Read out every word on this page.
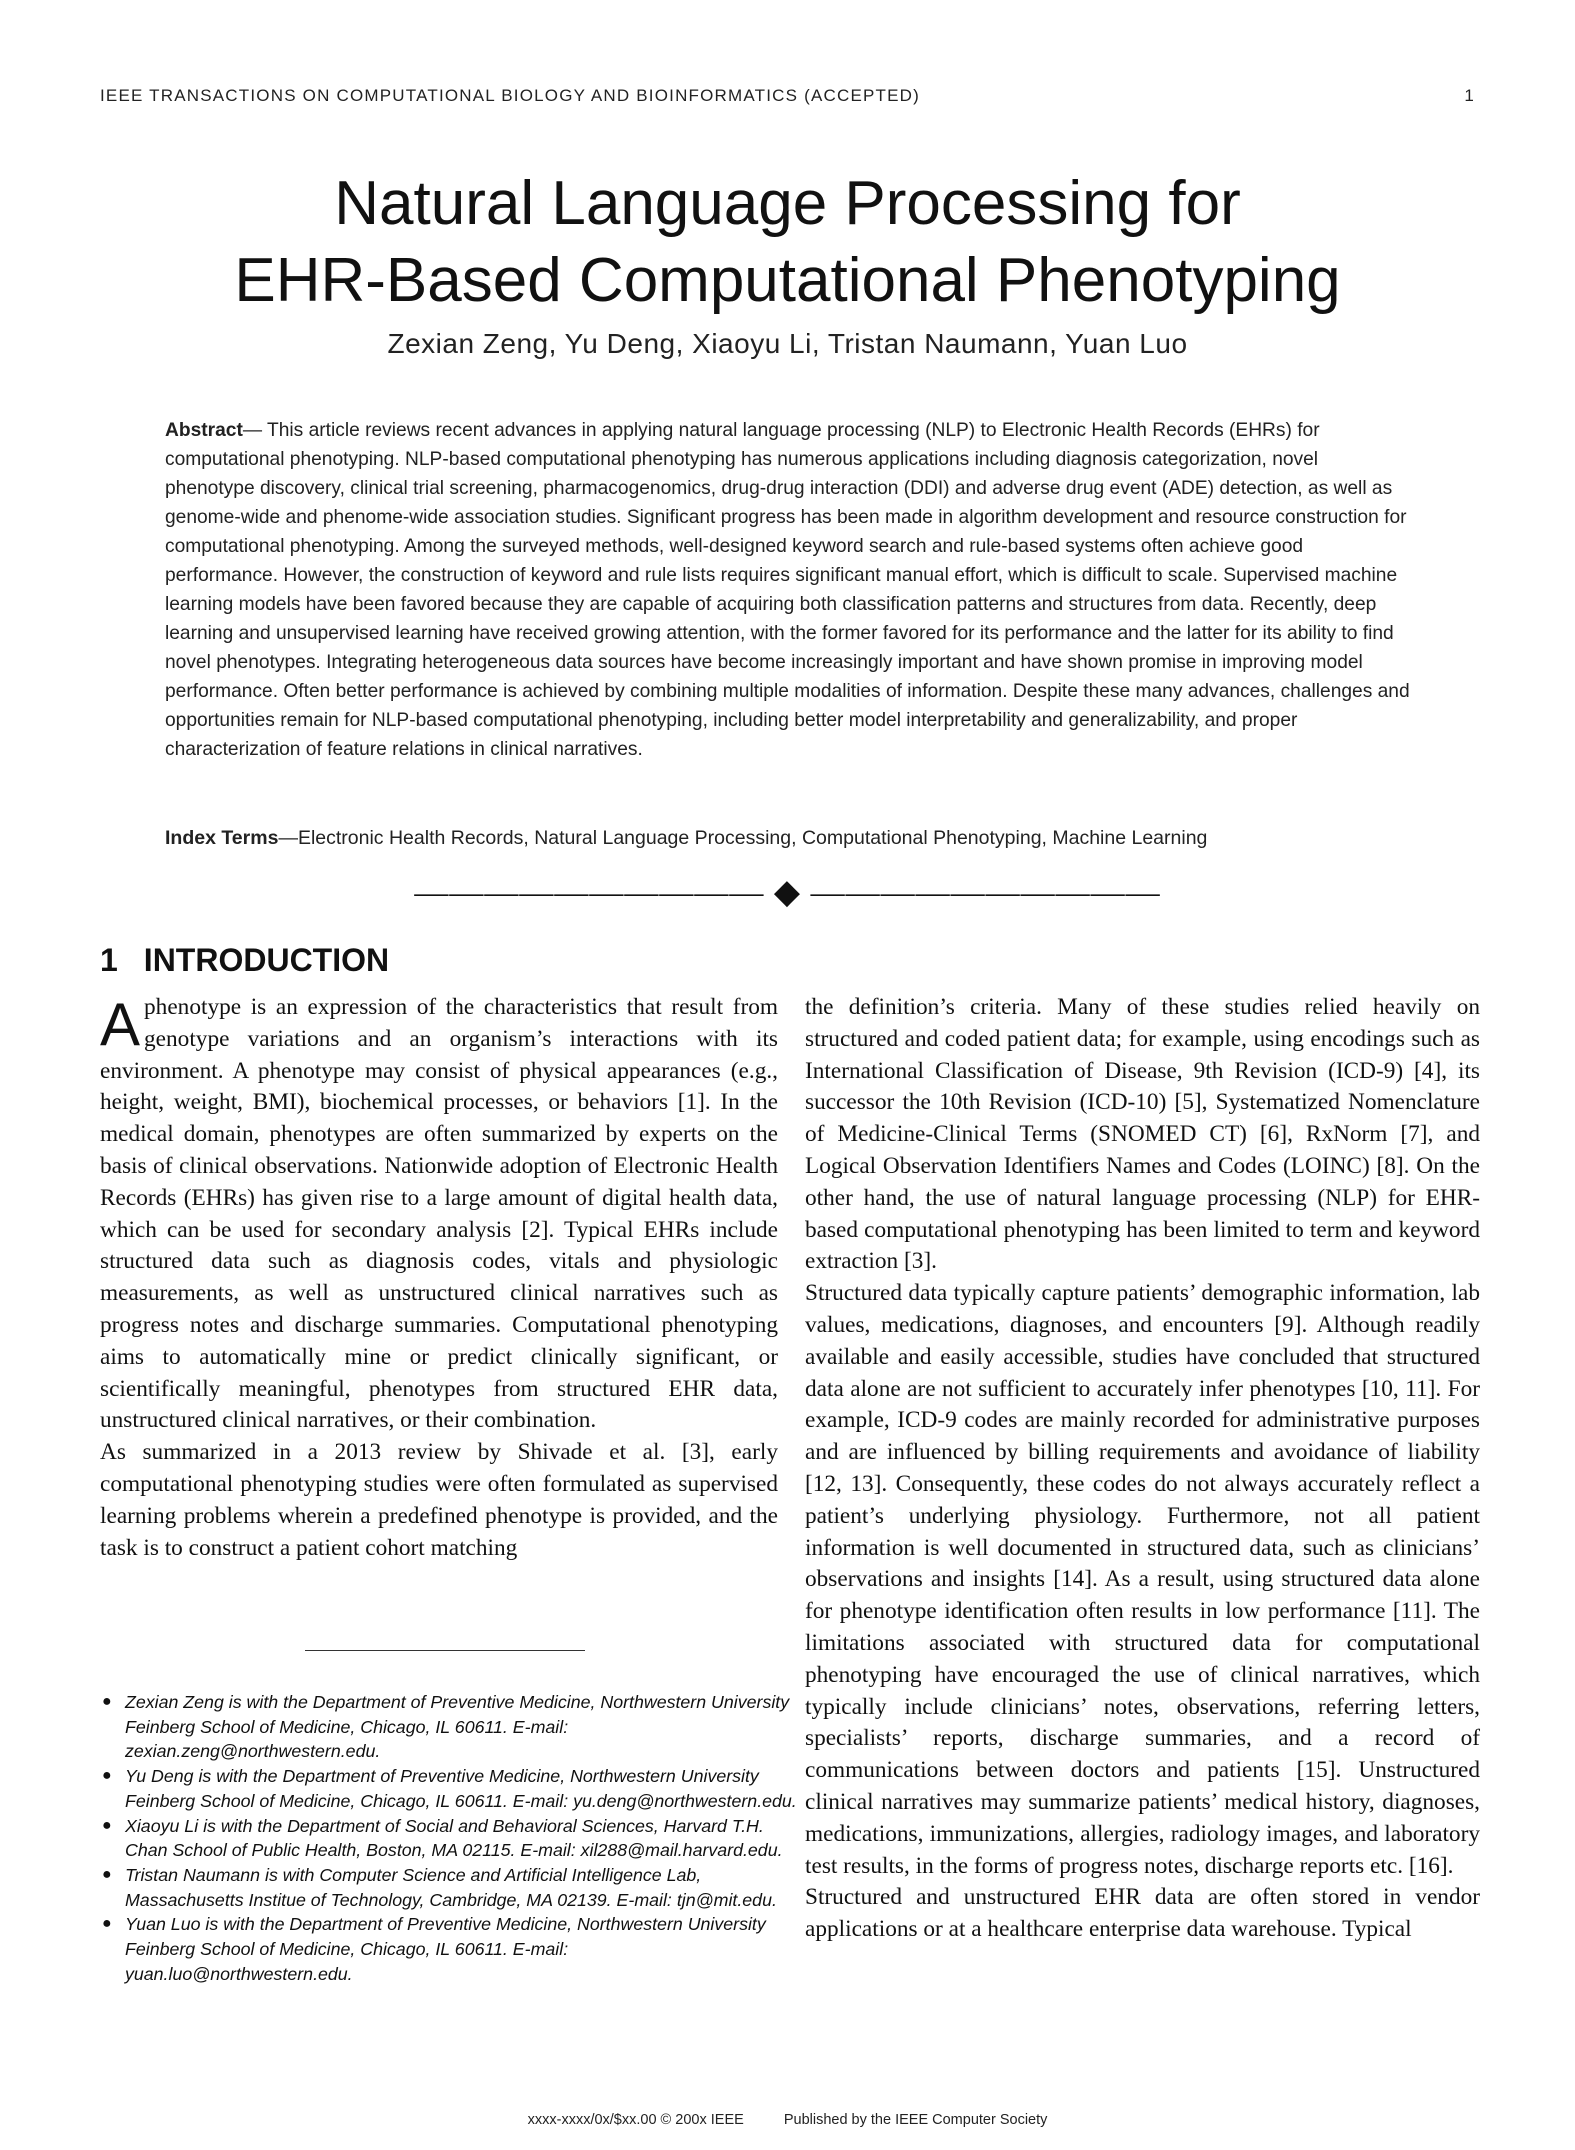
IEEE TRANSACTIONS ON COMPUTATIONAL BIOLOGY AND BIOINFORMATICS (ACCEPTED)	1
Natural Language Processing for
EHR-Based Computational Phenotyping
Zexian Zeng, Yu Deng, Xiaoyu Li, Tristan Naumann, Yuan Luo
Abstract— This article reviews recent advances in applying natural language processing (NLP) to Electronic Health Records (EHRs) for computational phenotyping. NLP-based computational phenotyping has numerous applications including diagnosis categorization, novel phenotype discovery, clinical trial screening, pharmacogenomics, drug-drug interaction (DDI) and adverse drug event (ADE) detection, as well as genome-wide and phenome-wide association studies. Significant progress has been made in algorithm development and resource construction for computational phenotyping. Among the surveyed methods, well-designed keyword search and rule-based systems often achieve good performance. However, the construction of keyword and rule lists requires significant manual effort, which is difficult to scale. Supervised machine learning models have been favored because they are capable of acquiring both classification patterns and structures from data. Recently, deep learning and unsupervised learning have received growing attention, with the former favored for its performance and the latter for its ability to find novel phenotypes. Integrating heterogeneous data sources have become increasingly important and have shown promise in improving model performance. Often better performance is achieved by combining multiple modalities of information. Despite these many advances, challenges and opportunities remain for NLP-based computational phenotyping, including better model interpretability and generalizability, and proper characterization of feature relations in clinical narratives.
Index Terms—Electronic Health Records, Natural Language Processing, Computational Phenotyping, Machine Learning
—————————— ◆ ——————————
1 INTRODUCTION

Aphenotype is an expression of the characteristics that result from genotype variations and an organism’s interactions with its environment. A phenotype may consist of physical appearances (e.g., height, weight, BMI), biochemical processes, or behaviors [1]. In the medical domain, phenotypes are often summarized by experts on the basis of clinical observations. Nationwide adoption of Electronic Health Records (EHRs) has given rise to a large amount of digital health data, which can be used for secondary analysis [2]. Typical EHRs include structured data such as diagnosis codes, vitals and physiologic measurements, as well as unstructured clinical narratives such as progress notes and discharge summaries. Computational phenotyping aims to automatically mine or predict clinically significant, or scientifically meaningful, phenotypes from structured EHR data, unstructured clinical narratives, or their combination.

As summarized in a 2013 review by Shivade et al. [3], early computational phenotyping studies were often formulated as supervised learning problems wherein a predefined phenotype is provided, and the task is to construct a patient cohort matching

● Zexian Zeng is with the Department of Preventive Medicine, Northwestern University Feinberg School of Medicine, Chicago, IL 60611. E-mail: zexian.zeng@northwestern.edu.
● Yu Deng is with the Department of Preventive Medicine, Northwestern University Feinberg School of Medicine, Chicago, IL 60611. E-mail: yu.deng@northwestern.edu.
● Xiaoyu Li is with the Department of Social and Behavioral Sciences, Harvard T.H. Chan School of Public Health, Boston, MA 02115. E-mail: xil288@mail.harvard.edu.
● Tristan Naumann is with Computer Science and Artificial Intelligence Lab, Massachusetts Institue of Technology, Cambridge, MA 02139. E-mail: tjn@mit.edu.
● Yuan Luo is with the Department of Preventive Medicine, Northwestern University Feinberg School of Medicine, Chicago, IL 60611. E-mail: yuan.luo@northwestern.edu.

the definition’s criteria. Many of these studies relied heavily on structured and coded patient data; for example, using encodings such as International Classification of Disease, 9th Revision (ICD-9) [4], its successor the 10th Revision (ICD-10) [5], Systematized Nomenclature of Medicine-Clinical Terms (SNOMED CT) [6], RxNorm [7], and Logical Observation Identifiers Names and Codes (LOINC) [8]. On the other hand, the use of natural language processing (NLP) for EHR-based computational phenotyping has been limited to term and keyword extraction [3].

Structured data typically capture patients’ demographic information, lab values, medications, diagnoses, and encounters [9]. Although readily available and easily accessible, studies have concluded that structured data alone are not sufficient to accurately infer phenotypes [10, 11]. For example, ICD-9 codes are mainly recorded for administrative purposes and are influenced by billing requirements and avoidance of liability [12, 13]. Consequently, these codes do not always accurately reflect a patient’s underlying physiology. Furthermore, not all patient information is well documented in structured data, such as clinicians’ observations and insights [14]. As a result, using structured data alone for phenotype identification often results in low performance [11]. The limitations associated with structured data for computational phenotyping have encouraged the use of clinical narratives, which typically include clinicians’ notes, observations, referring letters, specialists’ reports, discharge summaries, and a record of communications between doctors and patients [15]. Unstructured clinical narratives may summarize patients’ medical history, diagnoses, medications, immunizations, allergies, radiology images, and laboratory test results, in the forms of progress notes, discharge reports etc. [16].

Structured and unstructured EHR data are often stored in vendor applications or at a healthcare enterprise data warehouse. Typical

xxxx-xxxx/0x/$xx.00 © 200x IEEE	Published by the IEEE Computer Society
